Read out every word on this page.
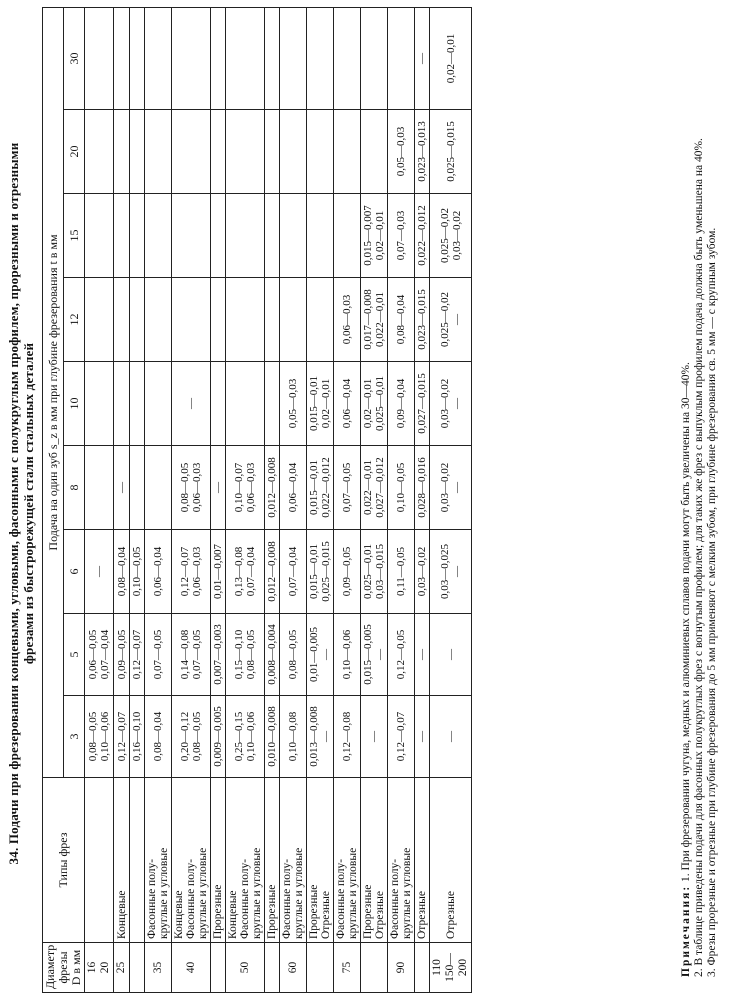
34. Подачи при фрезеровании концевыми, угловыми, фасонными с полукруглым профилем, прорезными и отрезными фрезами из быстрорежущей стали стальных деталей
Диаметр фрезы D в мм	Типы фрез	Подача на один зуб s_z в мм при глубине фрезерования t в мм								
		3	5	6	8	10	12	15	20	30

16 20		0,08—0,05 0,10—0,06	0,06—0,05 0,07—0,04	—						

25	Концевые	0,12—0,07	0,09—0,05	0,08—0,04	—					

		0,16—0,10	0,12—0,07	0,10—0,05						

35	Фасонные полу- круглые и угловые	0,08—0,04	0,07—0,05	0,06—0,04						

40	Концевые Фасонные полу- круглые и угловые	0,20—0,12 0,08—0,05	0,14—0,08 0,07—0,05	0,12—0,07 0,06—0,03	0,08—0,05 0,06—0,03	—				

	Прорезные	0,009—0,005	0,007—0,003	0,01—0,007	—					

50	Концевые Фасонные полу- круглые и угловые	0,25—0,15 0,10—0,06	0,15—0,10 0,08—0,05	0,13—0,08 0,07—0,04	0,10—0,07 0,06—0,03					

	Прорезные	0,010—0,008	0,008—0,004	0,012—0,008	0,012—0,008					

60	Фасонные полу- круглые и угловые	0,10—0,08	0,08—0,05	0,07—0,04	0,06—0,04	0,05—0,03				

	Прорезные Отрезные	0,013—0,008 —	0,01—0,005 —	0,015—0,01 0,025—0,015	0,015—0,01 0,022—0,012	0,015—0,01 0,02—0,01				

75	Фасонные полу- круглые и угловые	0,12—0,08	0,10—0,06	0,09—0,05	0,07—0,05	0,06—0,04	0,06—0,03			

	Прорезные Отрезные	—	0,015—0,005 —	0,025—0,01 0,03—0,015	0,022—0,01 0,027—0,012	0,02—0,01 0,025—0,01	0,017—0,008 0,022—0,01	0,015—0,007 0,02—0,01		

90	Фасонные полу- круглые и угловые	0,12—0,07	0,12—0,05	0,11—0,05	0,10—0,05	0,09—0,04	0,08—0,04	0,07—0,03	0,05—0,03	

	Отрезные	—	—	0,03—0,02	0,028—0,016	0,027—0,015	0,023—0,015	0,022—0,012	0,023—0,013	—

110 150—200	Отрезные	—	—	0,03—0,025 —	0,03—0,02 —	0,03—0,02 —	0,025—0,02 —	0,025—0,02 0,03—0,02	0,025—0,015	0,02—0,01
Примечания: 1. При фрезеровании чугуна, медных и алюминиевых сплавов подачи могут быть увеличены на 30—40%. 2. В таблице приведены подачи для фасонных полукруглых фрез с вогнутым профилем; для таких же фрез с выпуклым профилем подача должна быть уменьшена на 40%. 3. Фрезы прорезные и отрезные при глубине фрезерования до 5 мм применяют с мелким зубом, при глубине фрезерования св. 5 мм — с крупным зубом.
